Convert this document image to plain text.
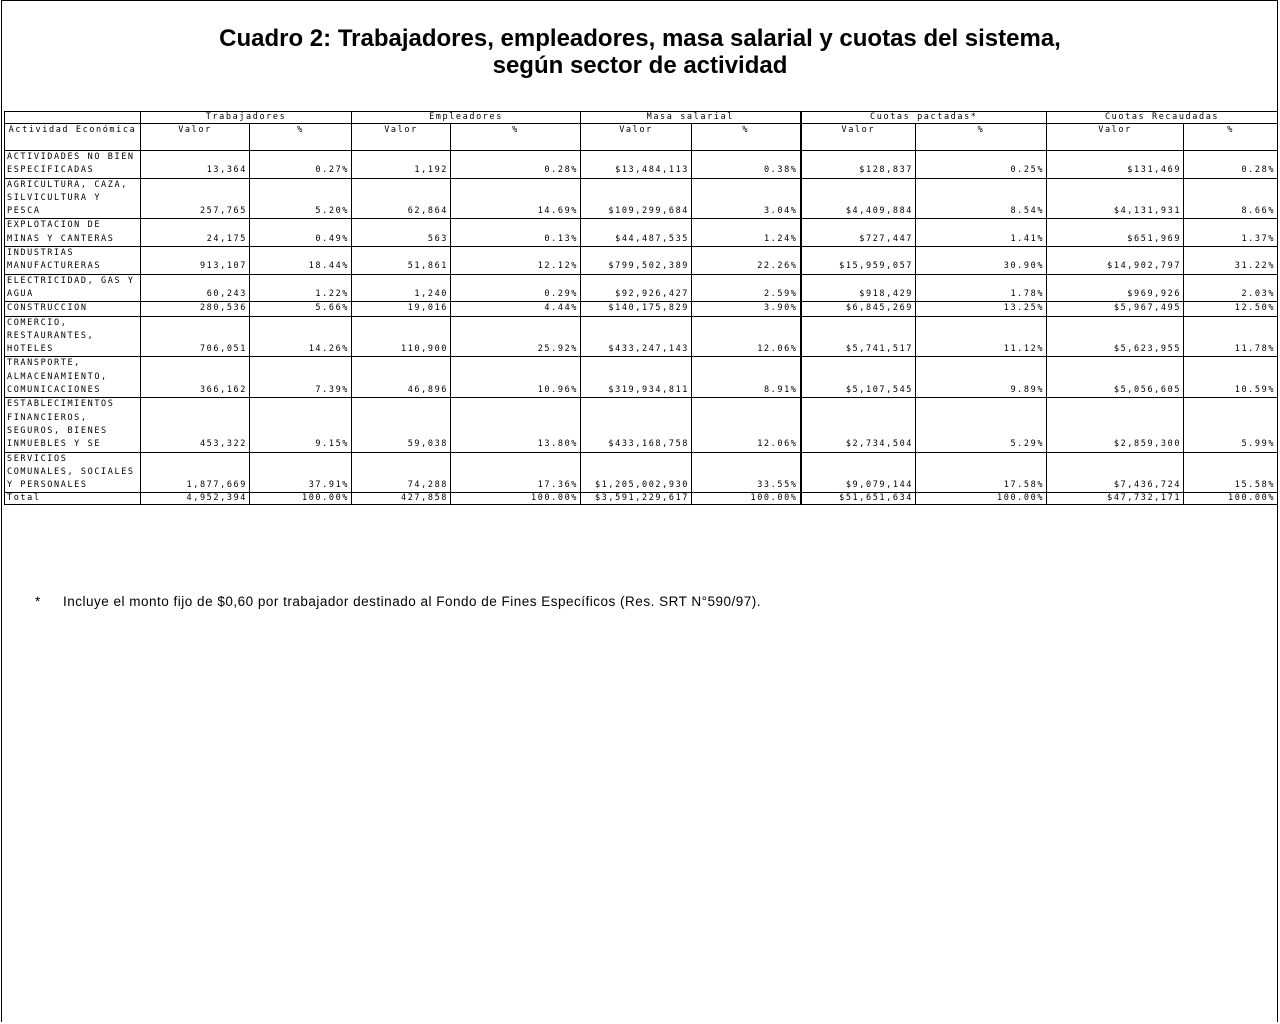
Cuadro 2: Trabajadores, empleadores, masa salarial y cuotas del sistema,
según sector de actividad
	Trabajadores		Empleadores		Masa salarial		Cuotas pactadas*		Cuotas Recaudadas	
Actividad Económica	Valor	%	Valor	%	Valor	%	Valor	%	Valor	%
ACTIVIDADES NO BIEN ESPECIFICADAS	13,364	0.27%	1,192	0.28%	$13,484,113	0.38%	$128,837	0.25%	$131,469	0.28%
AGRICULTURA, CAZA, SILVICULTURA Y PESCA	257,765	5.20%	62,864	14.69%	$109,299,684	3.04%	$4,409,884	8.54%	$4,131,931	8.66%
EXPLOTACION DE MINAS Y CANTERAS	24,175	0.49%	563	0.13%	$44,487,535	1.24%	$727,447	1.41%	$651,969	1.37%
INDUSTRIAS MANUFACTURERAS	913,107	18.44%	51,861	12.12%	$799,502,389	22.26%	$15,959,057	30.90%	$14,902,797	31.22%
ELECTRICIDAD, GAS Y AGUA	60,243	1.22%	1,240	0.29%	$92,926,427	2.59%	$918,429	1.78%	$969,926	2.03%
CONSTRUCCION	280,536	5.66%	19,016	4.44%	$140,175,829	3.90%	$6,845,269	13.25%	$5,967,495	12.50%
COMERCIO, RESTAURANTES, HOTELES	706,051	14.26%	110,900	25.92%	$433,247,143	12.06%	$5,741,517	11.12%	$5,623,955	11.78%
TRANSPORTE, ALMACENAMIENTO, COMUNICACIONES	366,162	7.39%	46,896	10.96%	$319,934,811	8.91%	$5,107,545	9.89%	$5,056,605	10.59%
ESTABLECIMIENTOS FINANCIEROS, SEGUROS, BIENES INMUEBLES Y SE	453,322	9.15%	59,038	13.80%	$433,168,758	12.06%	$2,734,504	5.29%	$2,859,300	5.99%
SERVICIOS COMUNALES, SOCIALES Y PERSONALES	1,877,669	37.91%	74,288	17.36%	$1,205,002,930	33.55%	$9,079,144	17.58%	$7,436,724	15.58%
Total	4,952,394	100.00%	427,858	100.00%	$3,591,229,617	100.00%	$51,651,634	100.00%	$47,732,171	100.00%
* Incluye el monto fijo de $0,60 por trabajador destinado al Fondo de Fines Específicos (Res. SRT N°590/97).
